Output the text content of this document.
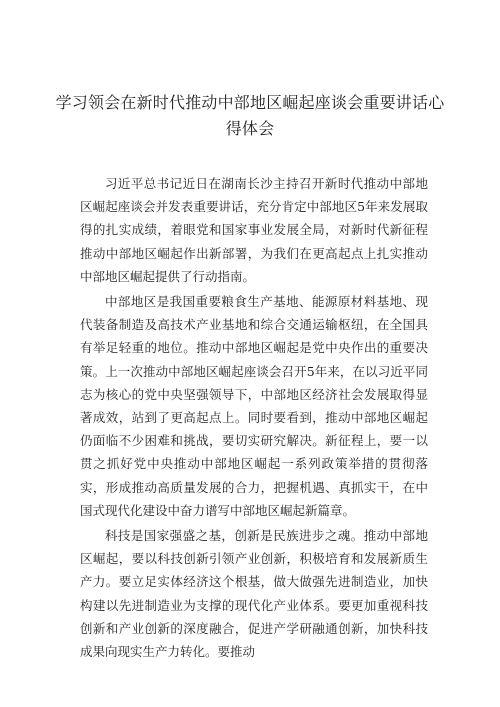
学习领会在新时代推动中部地区崛起座谈会重要讲话心
得体会

习近平总书记近日在湖南长沙主持召开新时代推动中部地区崛起座谈会并发表重要讲话，充分肯定中部地区5年来发展取得的扎实成绩，着眼党和国家事业发展全局，对新时代新征程推动中部地区崛起作出新部署，为我们在更高起点上扎实推动中部地区崛起提供了行动指南。

中部地区是我国重要粮食生产基地、能源原材料基地、现代装备制造及高技术产业基地和综合交通运输枢纽，在全国具有举足轻重的地位。推动中部地区崛起是党中央作出的重要决策。上一次推动中部地区崛起座谈会召开5年来，在以习近平同志为核心的党中央坚强领导下，中部地区经济社会发展取得显著成效，站到了更高起点上。同时要看到，推动中部地区崛起仍面临不少困难和挑战，要切实研究解决。新征程上，要一以贯之抓好党中央推动中部地区崛起一系列政策举措的贯彻落实，形成推动高质量发展的合力，把握机遇、真抓实干，在中国式现代化建设中奋力谱写中部地区崛起新篇章。

科技是国家强盛之基，创新是民族进步之魂。推动中部地区崛起，要以科技创新引领产业创新，积极培育和发展新质生产力。要立足实体经济这个根基，做大做强先进制造业，加快构建以先进制造业为支撑的现代化产业体系。要更加重视科技创新和产业创新的深度融合，促进产学研融通创新，加快科技成果向现实生产力转化。要推动
